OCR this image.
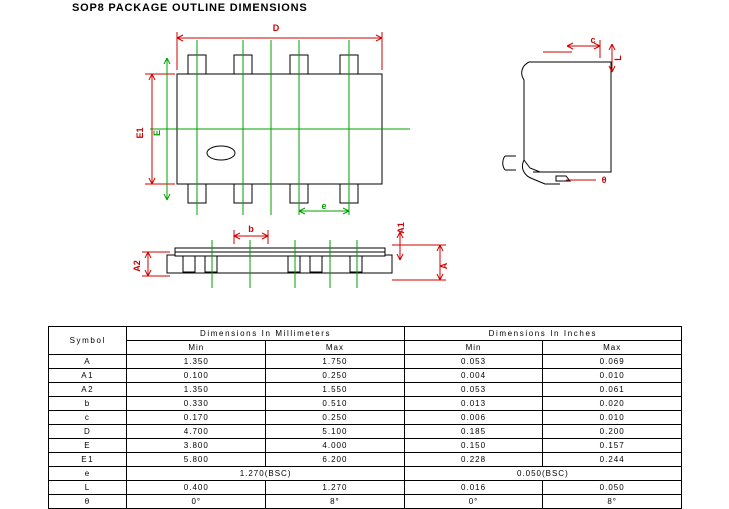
SOP8 PACKAGE OUTLINE DIMENSIONS
D
E1 E
e
b
c
L
θ
A1
A
A2
Symbol	Dimensions In Millimeters		Dimensions In Inches	
	Min	Max	Min	Max
A	1.350	1.750	0.053	0.069
A1	0.100	0.250	0.004	0.010
A2	1.350	1.550	0.053	0.061
b	0.330	0.510	0.013	0.020
c	0.170	0.250	0.006	0.010
D	4.700	5.100	0.185	0.200
E	3.800	4.000	0.150	0.157
E1	5.800	6.200	0.228	0.244
e	1.270(BSC)		0.050(BSC)	
L	0.400	1.270	0.016	0.050
θ	0°	8°	0°	8°
